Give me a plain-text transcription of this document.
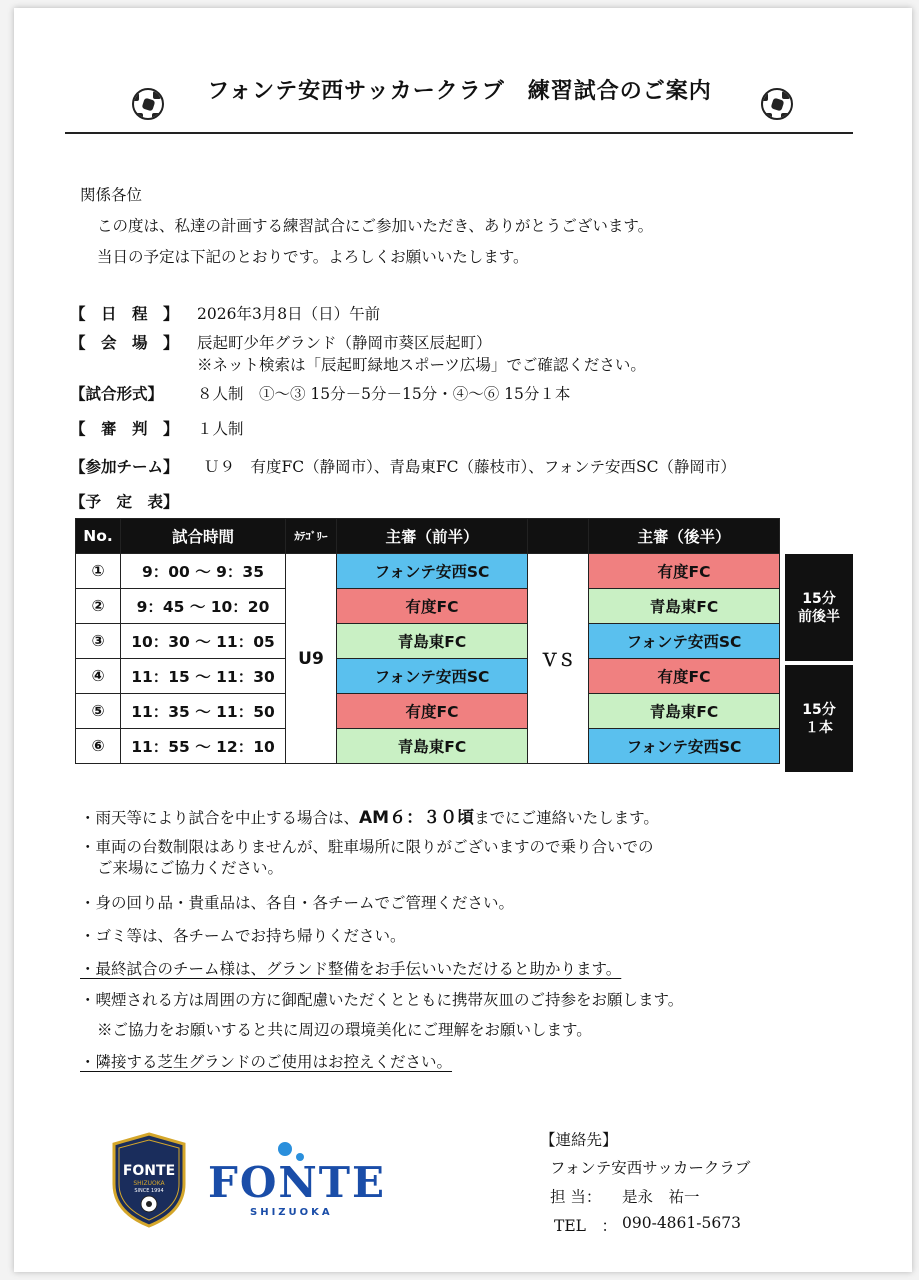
フォンテ安西サッカークラブ　練習試合のご案内
関係各位
この度は、私達の計画する練習試合にご参加いただき、ありがとうございます。
当日の予定は下記のとおりです。よろしくお願いいたします。
【　日　程　】 2026年3月8日（日）午前
【　会　場　】 辰起町少年グランド（静岡市葵区辰起町）
※ネット検索は「辰起町緑地スポーツ広場」でご確認ください。
【試合形式】 ８人制　①～③ 15分－5分－15分・④～⑥ 15分１本
【　審　判　】 １人制
【参加チーム】 Ｕ９　有度FC（静岡市）、青島東FC（藤枝市）、フォンテ安西SC（静岡市）
【予　定　表】
No.	試合時間	ｶﾃｺﾞﾘｰ	主審（前半）		主審（後半）
①	9：00 ～ 9：35	U9	フォンテ安西SC	ＶＳ	有度FC
②	9：45 ～ 10：20		有度FC		青島東FC
③	10：30 ～ 11：05		青島東FC		フォンテ安西SC
④	11：15 ～ 11：30		フォンテ安西SC		有度FC
⑤	11：35 ～ 11：50		有度FC		青島東FC
⑥	11：55 ～ 12：10		青島東FC		フォンテ安西SC
15分
前後半
15分
１本
・雨天等により試合を中止する場合は、AM６：３０頃までにご連絡いたします。
・車両の台数制限はありませんが、駐車場所に限りがございますので乗り合いでの
ご来場にご協力ください。
・身の回り品・貴重品は、各自・各チームでご管理ください。
・ゴミ等は、各チームでお持ち帰りください。
・最終試合のチーム様は、グランド整備をお手伝いいただけると助かります。
・喫煙される方は周囲の方に御配慮いただくとともに携帯灰皿のご持参をお願します。
※ご協力をお願いすると共に周辺の環境美化にご理解をお願いします。
・隣接する芝生グランドのご使用はお控えください。
FONTE
SHIZUOKA
SINCE 1994	FONTE
SHIZUOKA
【連絡先】
フォンテ安西サッカークラブ
担 当： 是永　祐一
TEL　： 090-4861-5673
